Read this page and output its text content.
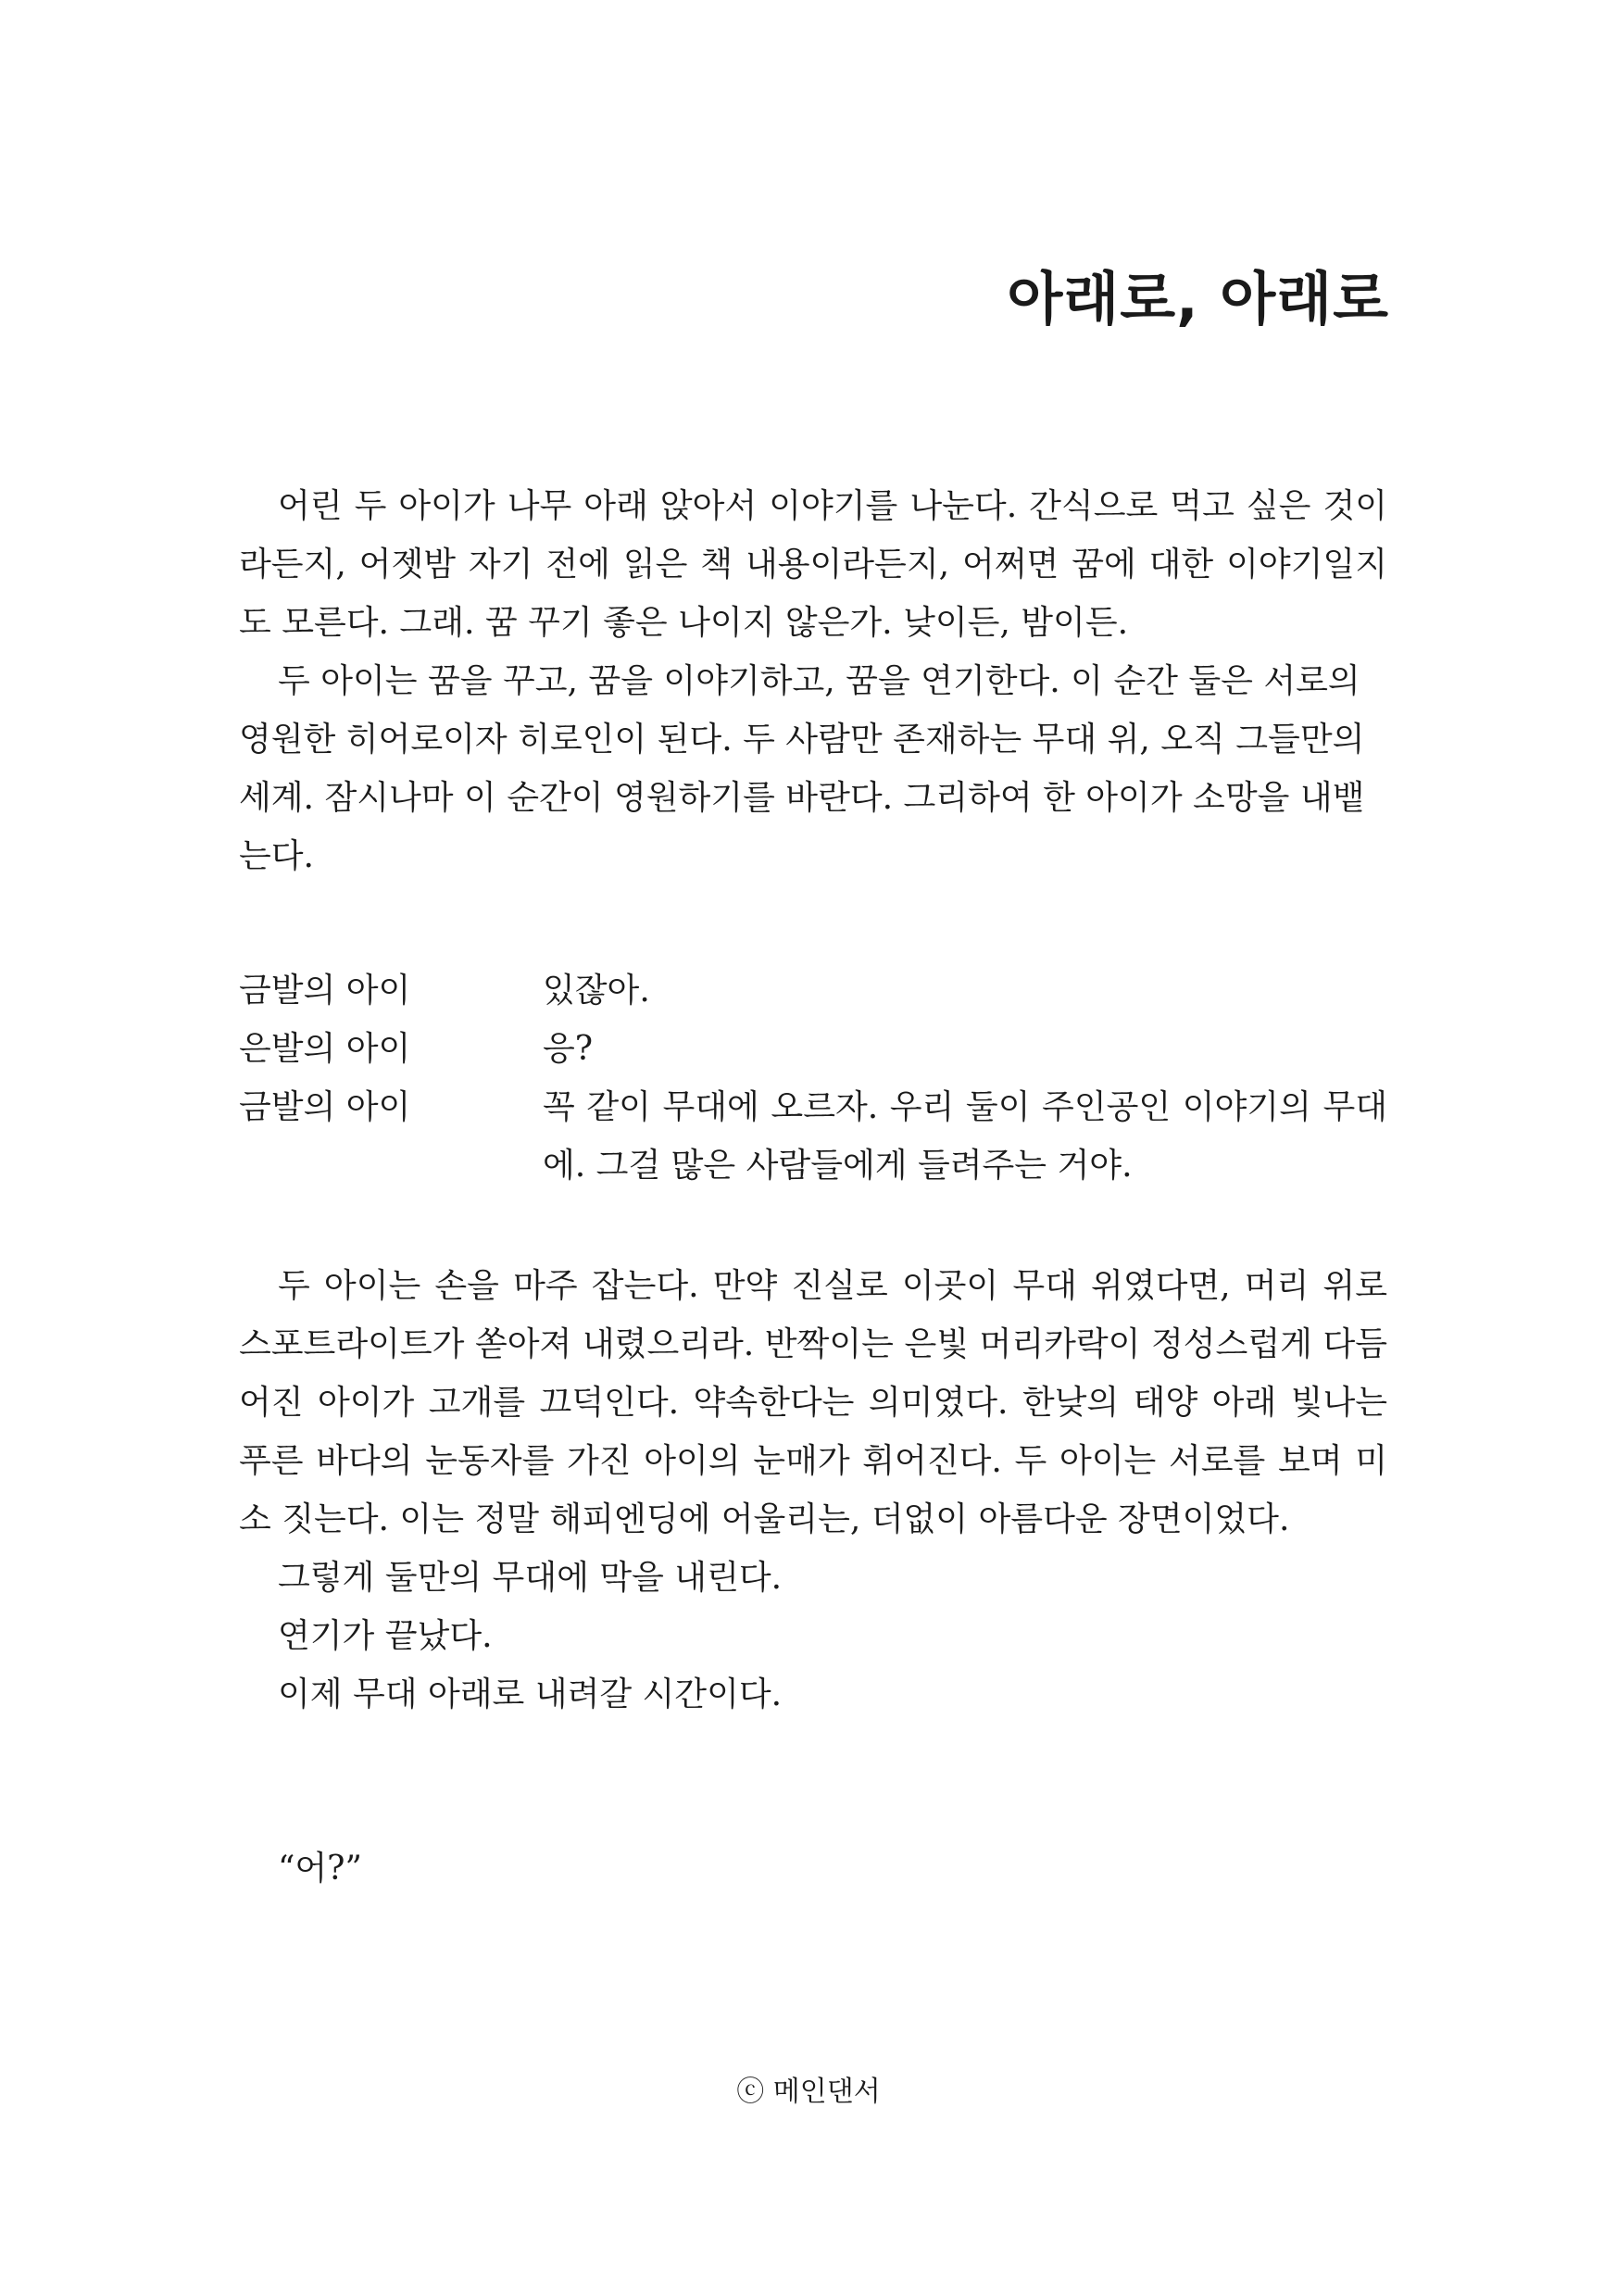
아래로, 아래로

어린 두 아이가 나무 아래 앉아서 이야기를 나눈다. 간식으로 먹고 싶은 것이라든지, 어젯밤 자기 전에 읽은 책 내용이라든지, 어쩌면 꿈에 대한 이야기일지도 모른다. 그래. 꿈 꾸기 좋은 나이지 않은가. 낮이든, 밤이든.

두 아이는 꿈을 꾸고, 꿈을 이야기하고, 꿈을 연기한다. 이 순간 둘은 서로의 영원한 히어로이자 히로인이 된다. 두 사람만 존재하는 무대 위, 오직 그들만의 세계. 잠시나마 이 순간이 영원하기를 바란다. 그리하여 한 아이가 소망을 내뱉는다.

금발의 아이	있잖아.
은발의 아이	응?
금발의 아이	꼭 같이 무대에 오르자. 우리 둘이 주인공인 이야기의 무대에. 그걸 많은 사람들에게 들려주는 거야.

두 아이는 손을 마주 잡는다. 만약 진실로 이곳이 무대 위였다면, 머리 위로 스포트라이트가 쏟아져 내렸으리라. 반짝이는 은빛 머리카락이 정성스럽게 다듬어진 아이가 고개를 끄덕인다. 약속한다는 의미였다. 한낮의 태양 아래 빛나는 푸른 바다의 눈동자를 가진 아이의 눈매가 휘어진다. 두 아이는 서로를 보며 미소 짓는다. 이는 정말 해피엔딩에 어울리는, 더없이 아름다운 장면이었다.

그렇게 둘만의 무대에 막을 내린다.

연기가 끝났다.

이제 무대 아래로 내려갈 시간이다.

“어?”

ⓒ 메인댄서
